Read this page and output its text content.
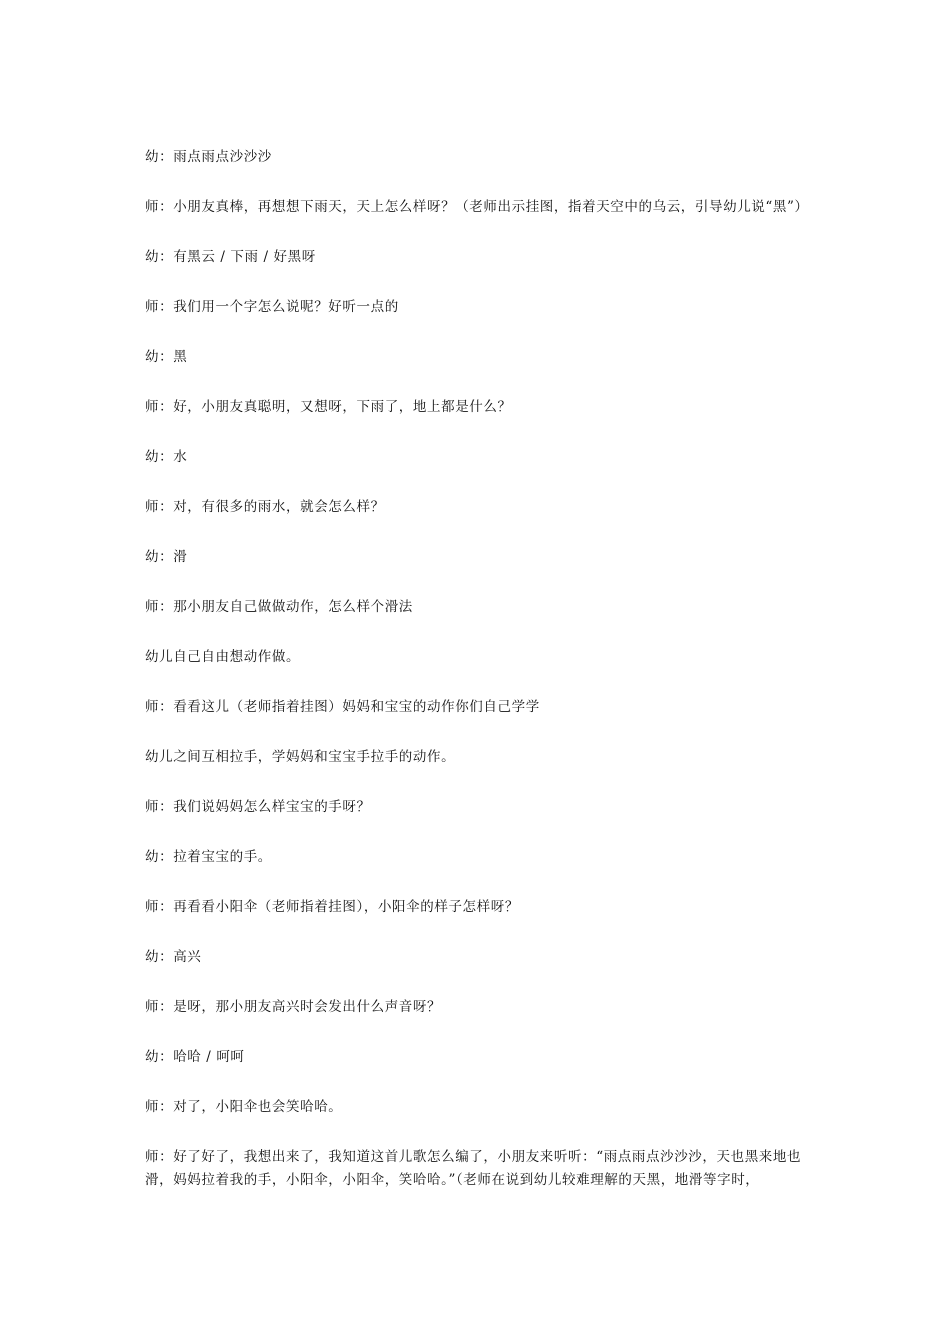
幼：雨点雨点沙沙沙

师：小朋友真棒，再想想下雨天，天上怎么样呀？（老师出示挂图，指着天空中的乌云，引导幼儿说“黑”）

幼：有黑云 / 下雨 / 好黑呀

师：我们用一个字怎么说呢？好听一点的

幼：黑

师：好，小朋友真聪明，又想呀，下雨了，地上都是什么？

幼：水

师：对，有很多的雨水，就会怎么样？

幼：滑

师：那小朋友自己做做动作，怎么样个滑法

幼儿自己自由想动作做。

师：看看这儿（老师指着挂图）妈妈和宝宝的动作你们自己学学

幼儿之间互相拉手，学妈妈和宝宝手拉手的动作。

师：我们说妈妈怎么样宝宝的手呀？

幼：拉着宝宝的手。

师：再看看小阳伞（老师指着挂图），小阳伞的样子怎样呀？

幼：高兴

师：是呀，那小朋友高兴时会发出什么声音呀？

幼：哈哈 / 呵呵

师：对了，小阳伞也会笑哈哈。

师：好了好了，我想出来了，我知道这首儿歌怎么编了，小朋友来听听：“雨点雨点沙沙沙，天也黑来地也滑，妈妈拉着我的手，小阳伞，小阳伞，笑哈哈。”（老师在说到幼儿较难理解的天黑，地滑等字时，
